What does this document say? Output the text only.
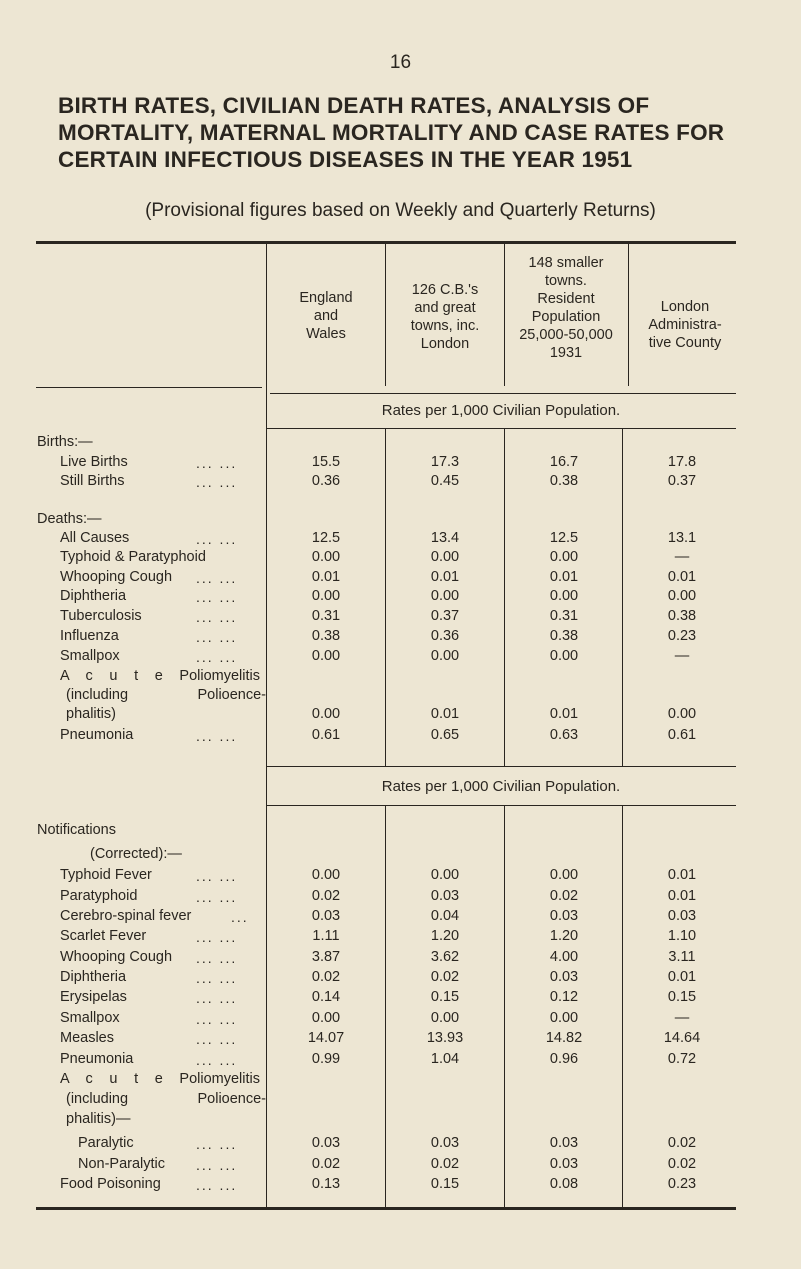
16
BIRTH RATES, CIVILIAN DEATH RATES, ANALYSIS OF MORTALITY, MATERNAL MORTALITY AND CASE RATES FOR CERTAIN INFECTIOUS DISEASES IN THE YEAR 1951
(Provisional figures based on Weekly and Quarterly Returns)
England
and
Wales
126 C.B.'s
and great
towns, inc.
London
148 smaller
towns.
Resident
Population
25,000-50,000
1931
London
Administra-
tive County
Rates per 1,000 Civilian Population.
Rates per 1,000 Civilian Population.
Births:—
Deaths:—
Notifications
(Corrected):—
Live Births	... ...	15.5	17.3	16.7	17.8
Still Births	... ...	0.36	0.45	0.38	0.37
All Causes	... ...	12.5	13.4	12.5	13.1
Typhoid & Paratyphoid	0.00	0.00	0.00	—
Whooping Cough ... ...	0.01	0.01	0.01	0.01
Diphtheria	... ...	0.00	0.00	0.00	0.00
Tuberculosis	... ...	0.31	0.37	0.31	0.38
Influenza	... ...	0.38	0.36	0.38	0.23
Smallpox	... ...	0.00	0.00	0.00	—
A c u t e Poliomyelitis
(including Polioence-
phalitis)	0.00	0.01	0.01	0.00
Pneumonia	... ...	0.61	0.65	0.63	0.61
Typhoid Fever	... ...	0.00	0.00	0.00	0.01
Paratyphoid	... ...	0.02	0.03	0.02	0.01
Cerebro-spinal fever	...	0.03	0.04	0.03	0.03
Scarlet Fever	... ...	1.11	1.20	1.20	1.10
Whooping Cough ... ...	3.87	3.62	4.00	3.11
Diphtheria	... ...	0.02	0.02	0.03	0.01
Erysipelas	... ...	0.14	0.15	0.12	0.15
Smallpox	... ...	0.00	0.00	0.00	—
Measles	... ...	14.07	13.93	14.82	14.64
Pneumonia	... ...	0.99	1.04	0.96	0.72
A c u t e Poliomyelitis
(including Polioence-
phalitis)—
Paralytic	... ...	0.03	0.03	0.03	0.02
Non-Paralytic ... ...	0.02	0.02	0.03	0.02
Food Poisoning	... ...	0.13	0.15	0.08	0.23
